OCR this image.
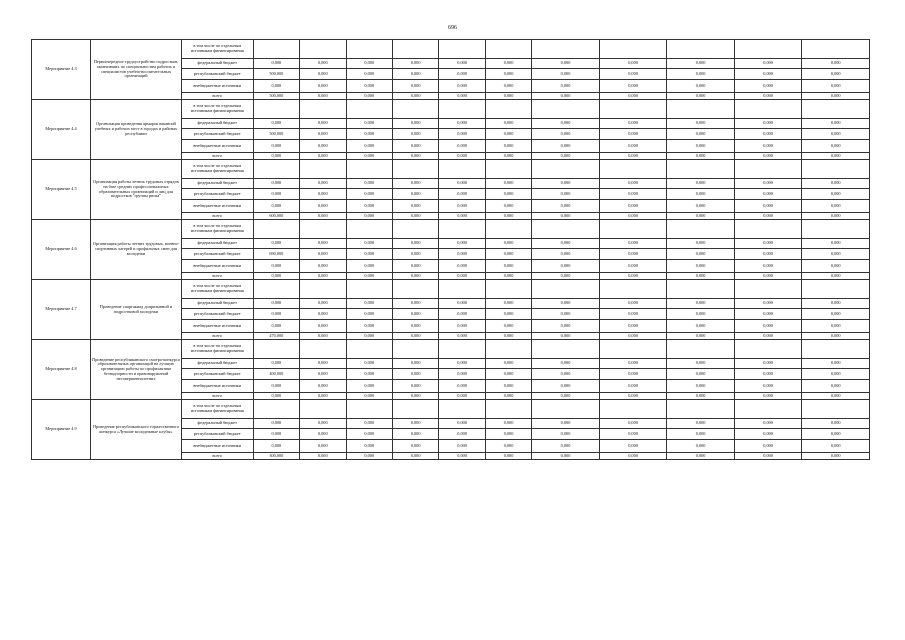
696
Мероприятие 4.3	Первоочередное трудоустройство подростков, окончивших по специальностям рабочих и специалистов учебно-воспитательных организаций	в том числе по отдельным источникам финансирования											
		федеральный бюджет	0,000	0,000	0,000	0,000	0,000	0,000	0,000	0,000	0,000	0,000	0,000
		республиканский бюджет	500,000	0,000	0,000	0,000	0,000	0,000	0,000	0,000	0,000	0,000	0,000
		внебюджетные источники	0,000	0,000	0,000	0,000	0,000	0,000	0,000	0,000	0,000	0,000	0,000
		всего	500,000	0,000	0,000	0,000	0,000	0,000	0,000	0,000	0,000	0,000	0,000
Мероприятие 4.4	Организация проведения ярмарок вакансий учебных и рабочих мест в городах и районах республики	в том числе по отдельным источникам финансирования											
		федеральный бюджет	0,000	0,000	0,000	0,000	0,000	0,000	0,000	0,000	0,000	0,000	0,000
		республиканский бюджет	500,000	0,000	0,000	0,000	0,000	0,000	0,000	0,000	0,000	0,000	0,000
		внебюджетные источники	0,000	0,000	0,000	0,000	0,000	0,000	0,000	0,000	0,000	0,000	0,000
		всего	0,000	0,000	0,000	0,000	0,000	0,000	0,000	0,000	0,000	0,000	0,000
Мероприятие 4.5	Организация работы летних трудовых отрядов на базе средних профессиональных образовательных организаций и лиц для подростков "группы риска"	в том числе по отдельным источникам финансирования											
		федеральный бюджет	0,000	0,000	0,000	0,000	0,000	0,000	0,000	0,000	0,000	0,000	0,000
		республиканский бюджет	0,000	0,000	0,000	0,000	0,000	0,000	0,000	0,000	0,000	0,000	0,000
		внебюджетные источники	0,000	0,000	0,000	0,000	0,000	0,000	0,000	0,000	0,000	0,000	0,000
		всего	600,000	0,000	0,000	0,000	0,000	0,000	0,000	0,000	0,000	0,000	0,000
Мероприятие 4.6	Организация работы летних трудовых, военно-спортивных лагерей и профильных смен для молодежи	в том числе по отдельным источникам финансирования											
		федеральный бюджет	0,000	0,000	0,000	0,000	0,000	0,000	0,000	0,000	0,000	0,000	0,000
		республиканский бюджет	690,000	0,000	0,000	0,000	0,000	0,000	0,000	0,000	0,000	0,000	0,000
		внебюджетные источники	0,000	0,000	0,000	0,000	0,000	0,000	0,000	0,000	0,000	0,000	0,000
		всего	0,000	0,000	0,000	0,000	0,000	0,000	0,000	0,000	0,000	0,000	0,000
Мероприятие 4.7	Проведение спартакиад допризывной и подростковой молодежи	в том числе по отдельным источникам финансирования											
		федеральный бюджет	0,000	0,000	0,000	0,000	0,000	0,000	0,000	0,000	0,000	0,000	0,000
		республиканский бюджет	0,000	0,000	0,000	0,000	0,000	0,000	0,000	0,000	0,000	0,000	0,000
		внебюджетные источники	0,000	0,000	0,000	0,000	0,000	0,000	0,000	0,000	0,000	0,000	0,000
		всего	470,000	0,000	0,000	0,000	0,000	0,000	0,000	0,000	0,000	0,000	0,000
Мероприятие 4.8	Проведение республиканского смотра-конкурса образовательных организаций на лучшую организацию работы по профилактике безнадзорности и правонарушений несовершеннолетних	в том числе по отдельным источникам финансирования											
		федеральный бюджет	0,000	0,000	0,000	0,000	0,000	0,000	0,000	0,000	0,000	0,000	0,000
		республиканский бюджет	400,000	0,000	0,000	0,000	0,000	0,000	0,000	0,000	0,000	0,000	0,000
		внебюджетные источники	0,000	0,000	0,000	0,000	0,000	0,000	0,000	0,000	0,000	0,000	0,000
		всего	0,000	0,000	0,000	0,000	0,000	0,000	0,000	0,000	0,000	0,000	0,000
Мероприятие 4.9	Проведение республиканского торжественного конкурса «Лучшие молодежные клубы»	в том числе по отдельным источникам финансирования											
		федеральный бюджет	0,000	0,000	0,000	0,000	0,000	0,000	0,000	0,000	0,000	0,000	0,000
		республиканский бюджет	0,000	0,000	0,000	0,000	0,000	0,000	0,000	0,000	0,000	0,000	0,000
		внебюджетные источники	0,000	0,000	0,000	0,000	0,000	0,000	0,000	0,000	0,000	0,000	0,000
		всего	300,000	0,000	0,000	0,000	0,000	0,000	0,000	0,000	0,000	0,000	0,000
